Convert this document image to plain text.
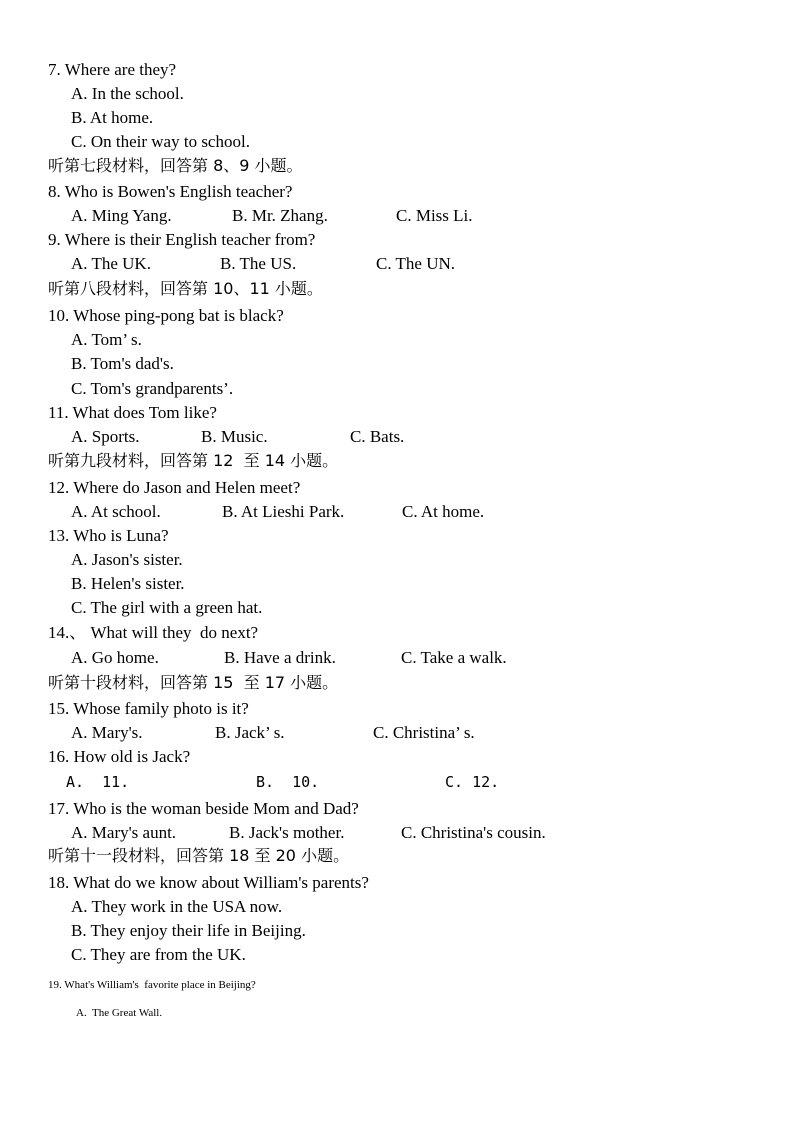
7. Where are they?
A. In the school.
B. At home.
C. On their way to school.
听第七段材料，回答第 8、9 小题。
8. Who is Bowen's English teacher?
A. Ming Yang.	B. Mr. Zhang.	C. Miss Li.
9. Where is their English teacher from?
A. The UK.	B. The US.	C. The UN.
听第八段材料，回答第 10、11 小题。
10. Whose ping-pong bat is black?
A. Tom’ s.
B. Tom's dad's.
C. Tom's grandparents’.
11. What does Tom like?
A. Sports.	B. Music.	C. Bats.
听第九段材料，回答第 12  至 14 小题。
12. Where do Jason and Helen meet?
A. At school.	B. At Lieshi Park.	C. At home.
13. Who is Luna?
A. Jason's sister.
B. Helen's sister.
C. The girl with a green hat.
14.、 What will they  do next?
A. Go home.	B. Have a drink.	C. Take a walk.
听第十段材料，回答第 15  至 17 小题。
15. Whose family photo is it?
A. Mary's.	B. Jack’ s.	C. Christina’ s.
16. How old is Jack?
A.  11.	B.  10.	C. 12.
17. Who is the woman beside Mom and Dad?
A. Mary's aunt.	B. Jack's mother.	C. Christina's cousin.
听第十一段材料，回答第 18 至 20 小题。
18. What do we know about William's parents?
A. They work in the USA now.
B. They enjoy their life in Beijing.
C. They are from the UK.
19. What's William's  favorite place in Beijing?
A.  The Great Wall.
